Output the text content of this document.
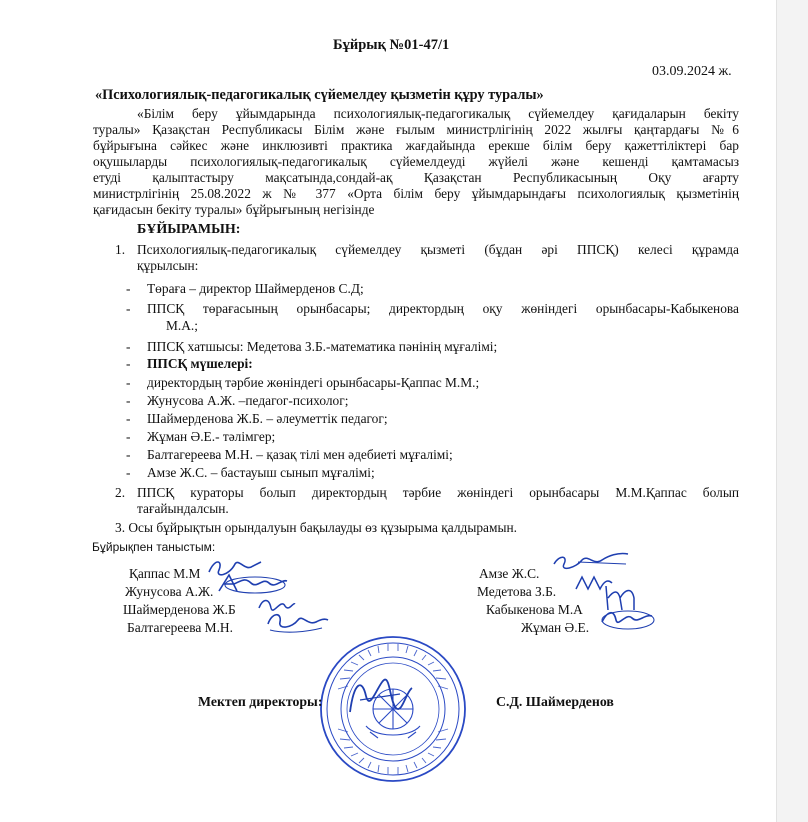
Бұйрық №01-47/1
03.09.2024 ж.
«Психологиялық-педагогикалық сүйемелдеу қызметін құру туралы»
«Білім беру ұйымдарында психологиялық-педагогикалық сүйемелдеу қағидаларын бекіту
туралы» Қазақстан Республикасы Білім және ғылым министрлігінің 2022 жылғы қаңтардағы №6
бұйрығына сәйкес және инклюзивті практика жағдайында ерекше білім беру қажеттіліктері бар
оқушыларды психологиялық-педагогикалық сүйемелдеуді жүйелі және кешенді қамтамасыз
етуді қалыптастыру мақсатында,сондай-ақ Қазақстан Республикасының Оқу ағарту
министрлігінің 25.08.2022 ж № 377 «Орта білім беру ұйымдарындағы психологиялық қызметінің
қағидасын бекіту туралы» бұйрығының негізінде
БҰЙЫРАМЫН:
1. Психологиялық-педагогикалық сүйемелдеу қызметі (бұдан әрі ППСҚ) келесі құрамда
құрылсын:
- Төраға – директор Шаймерденов С.Д;
- ППСҚ төрағасының орынбасары; директордың оқу жөніндегі орынбасары-Кабыкенова
М.А.;
- ППСҚ хатшысы: Медетова З.Б.-математика пәнінің мұғалімі;
- ППСҚ мүшелері:
- директордың тәрбие жөніндегі орынбасары-Қаппас М.М.;
- Жунусова А.Ж. –педагог-психолог;
- Шаймерденова Ж.Б. – әлеуметтік педагог;
- Жұман Ә.Е.- тәлімгер;
- Балтагереева М.Н. – қазақ тілі мен әдебиеті мұғалімі;
- Амзе Ж.С. – бастауыш сынып мұғалімі;
2. ППСҚ кураторы болып директордың тәрбие жөніндегі орынбасары М.М.Қаппас болып
тағайындалсын.
3. Осы бұйрықтын орындалуын бақылауды өз құзырыма қалдырамын.
Бұйрықпен таныстым:
Қаппас М.М
Жунусова А.Ж.
Шаймерденова Ж.Б
Балтагереева М.Н.
Амзе Ж.С.
Медетова З.Б.
Кабыкенова М.А
Жұман Ә.Е.
Мектеп директоры:	С.Д. Шаймерденов
